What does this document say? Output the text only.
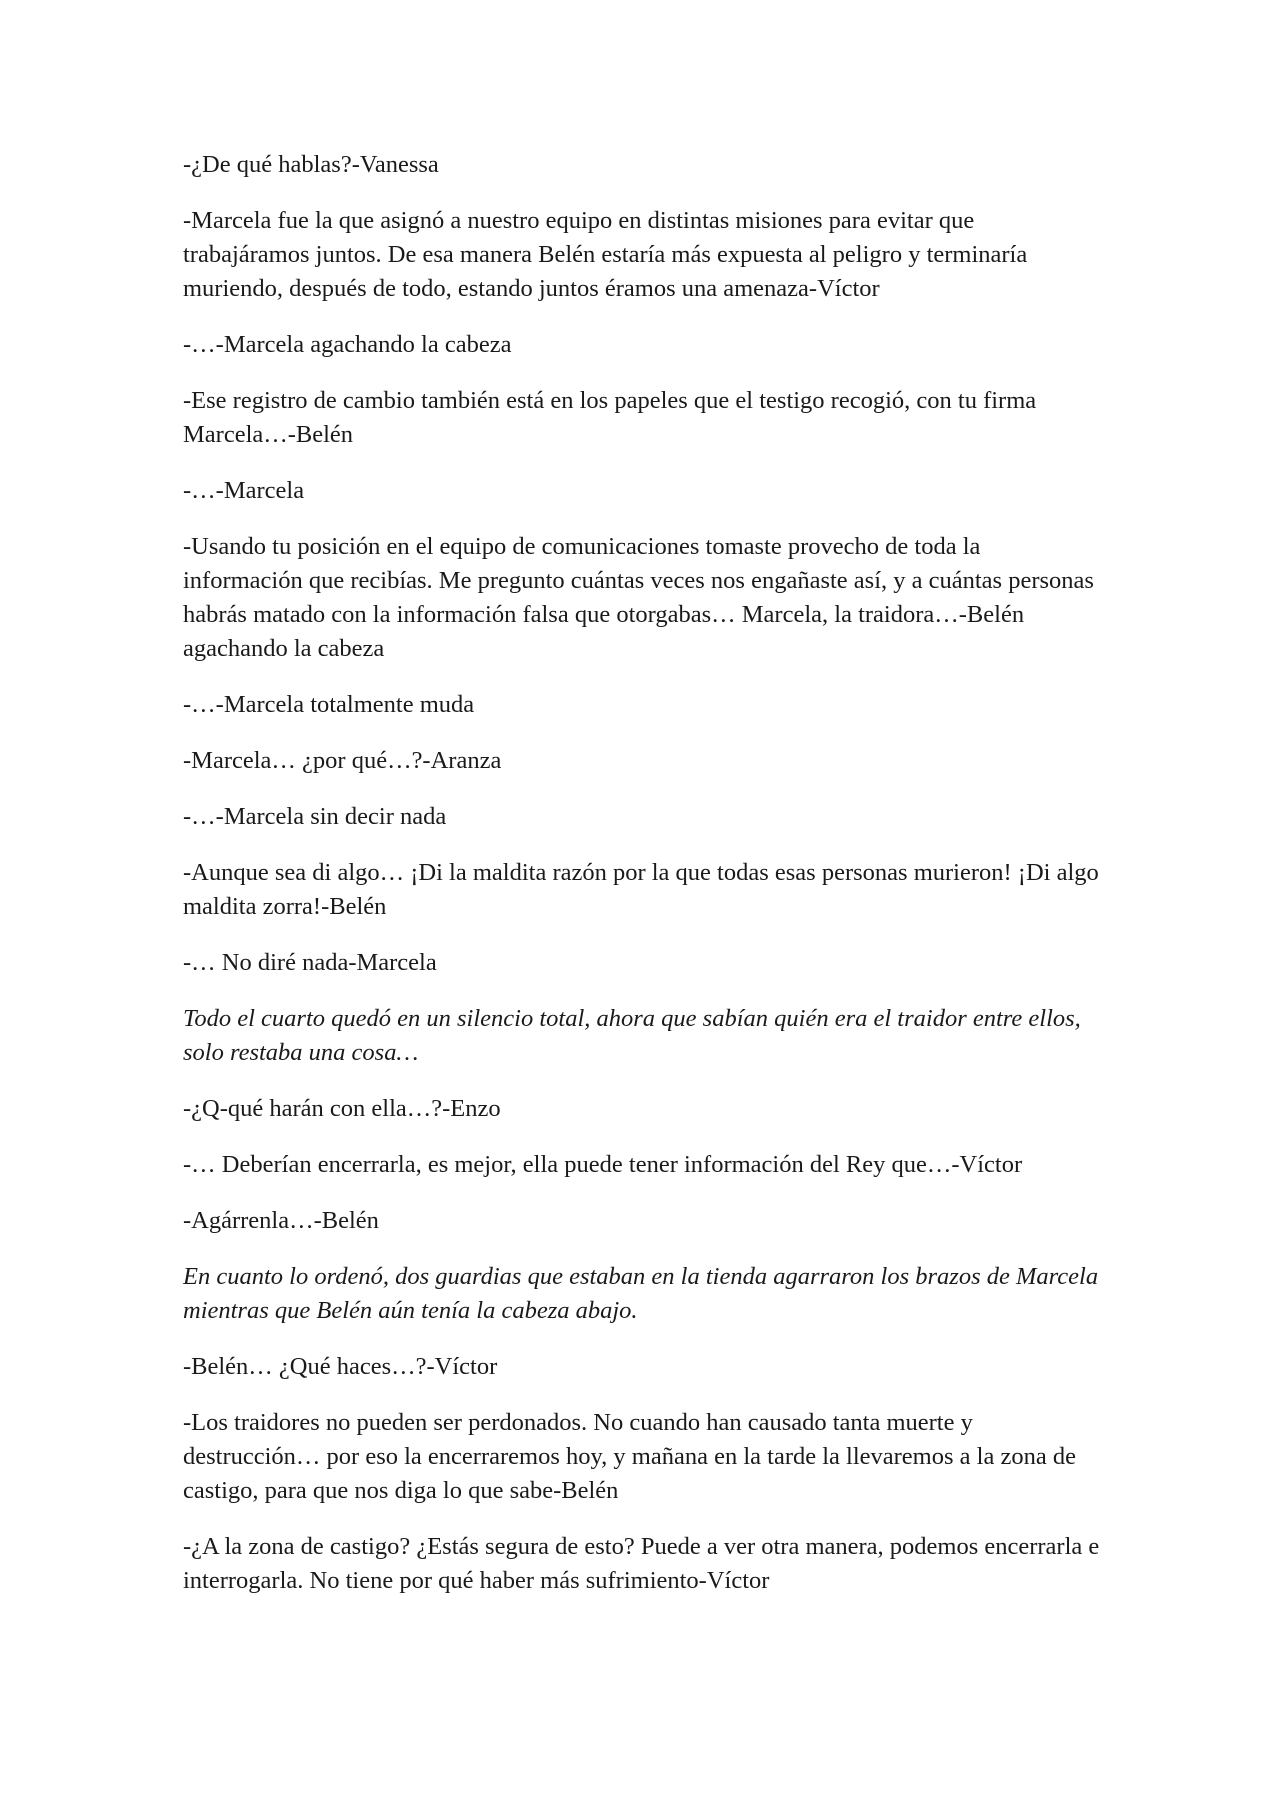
-¿De qué hablas?-Vanessa

-Marcela fue la que asignó a nuestro equipo en distintas misiones para evitar que trabajáramos juntos. De esa manera Belén estaría más expuesta al peligro y terminaría muriendo, después de todo, estando juntos éramos una amenaza-Víctor

-…-Marcela agachando la cabeza

-Ese registro de cambio también está en los papeles que el testigo recogió, con tu firma Marcela…-Belén

-…-Marcela

-Usando tu posición en el equipo de comunicaciones tomaste provecho de toda la información que recibías. Me pregunto cuántas veces nos engañaste así, y a cuántas personas habrás matado con la información falsa que otorgabas… Marcela, la traidora…-Belén agachando la cabeza

-…-Marcela totalmente muda

-Marcela… ¿por qué…?-Aranza

-…-Marcela sin decir nada

-Aunque sea di algo… ¡Di la maldita razón por la que todas esas personas murieron! ¡Di algo maldita zorra!-Belén

-… No diré nada-Marcela

Todo el cuarto quedó en un silencio total, ahora que sabían quién era el traidor entre ellos, solo restaba una cosa…

-¿Q-qué harán con ella…?-Enzo

-… Deberían encerrarla, es mejor, ella puede tener información del Rey que…-Víctor

-Agárrenla…-Belén

En cuanto lo ordenó, dos guardias que estaban en la tienda agarraron los brazos de Marcela mientras que Belén aún tenía la cabeza abajo.

-Belén… ¿Qué haces…?-Víctor

-Los traidores no pueden ser perdonados. No cuando han causado tanta muerte y destrucción… por eso la encerraremos hoy, y mañana en la tarde la llevaremos a la zona de castigo, para que nos diga lo que sabe-Belén

-¿A la zona de castigo? ¿Estás segura de esto? Puede a ver otra manera, podemos encerrarla e interrogarla. No tiene por qué haber más sufrimiento-Víctor
